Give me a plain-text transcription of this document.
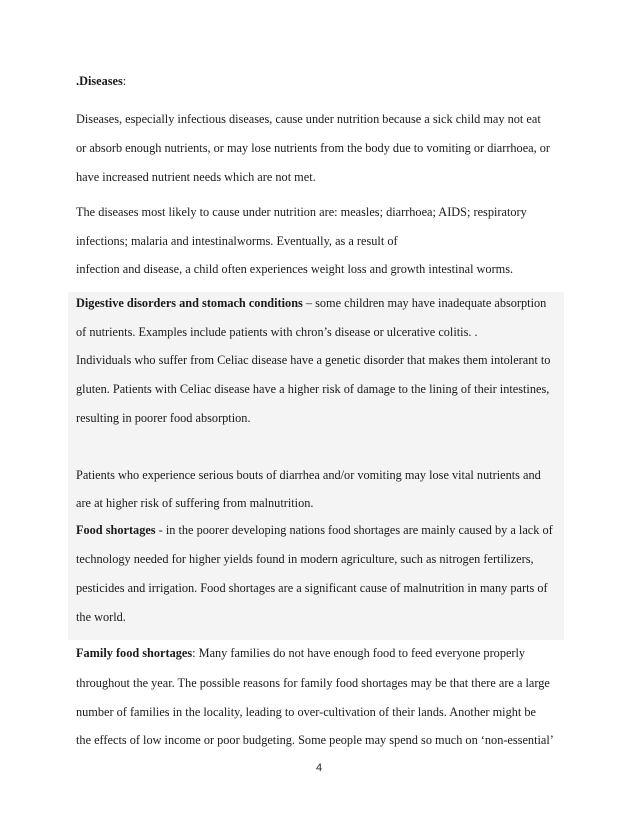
.Diseases:
Diseases, especially infectious diseases, cause under nutrition because a sick child may not eat
or absorb enough nutrients, or may lose nutrients from the body due to vomiting or diarrhoea, or
have increased nutrient needs which are not met.
The diseases most likely to cause under nutrition are: measles; diarrhoea; AIDS; respiratory
infections; malaria and intestinalworms. Eventually, as a result of
infection and disease, a child often experiences weight loss and growth intestinal worms.
Digestive disorders and stomach conditions – some children may have inadequate absorption
of nutrients. Examples include patients with chron’s disease or ulcerative colitis. .
Individuals who suffer from Celiac disease have a genetic disorder that makes them intolerant to
gluten. Patients with Celiac disease have a higher risk of damage to the lining of their intestines,
resulting in poorer food absorption.
Patients who experience serious bouts of diarrhea and/or vomiting may lose vital nutrients and
are at higher risk of suffering from malnutrition.
Food shortages - in the poorer developing nations food shortages are mainly caused by a lack of
technology needed for higher yields found in modern agriculture, such as nitrogen fertilizers,
pesticides and irrigation. Food shortages are a significant cause of malnutrition in many parts of
the world.
Family food shortages: Many families do not have enough food to feed everyone properly
throughout the year. The possible reasons for family food shortages may be that there are a large
number of families in the locality, leading to over-cultivation of their lands. Another might be
the effects of low income or poor budgeting. Some people may spend so much on ‘non-essential’
4
